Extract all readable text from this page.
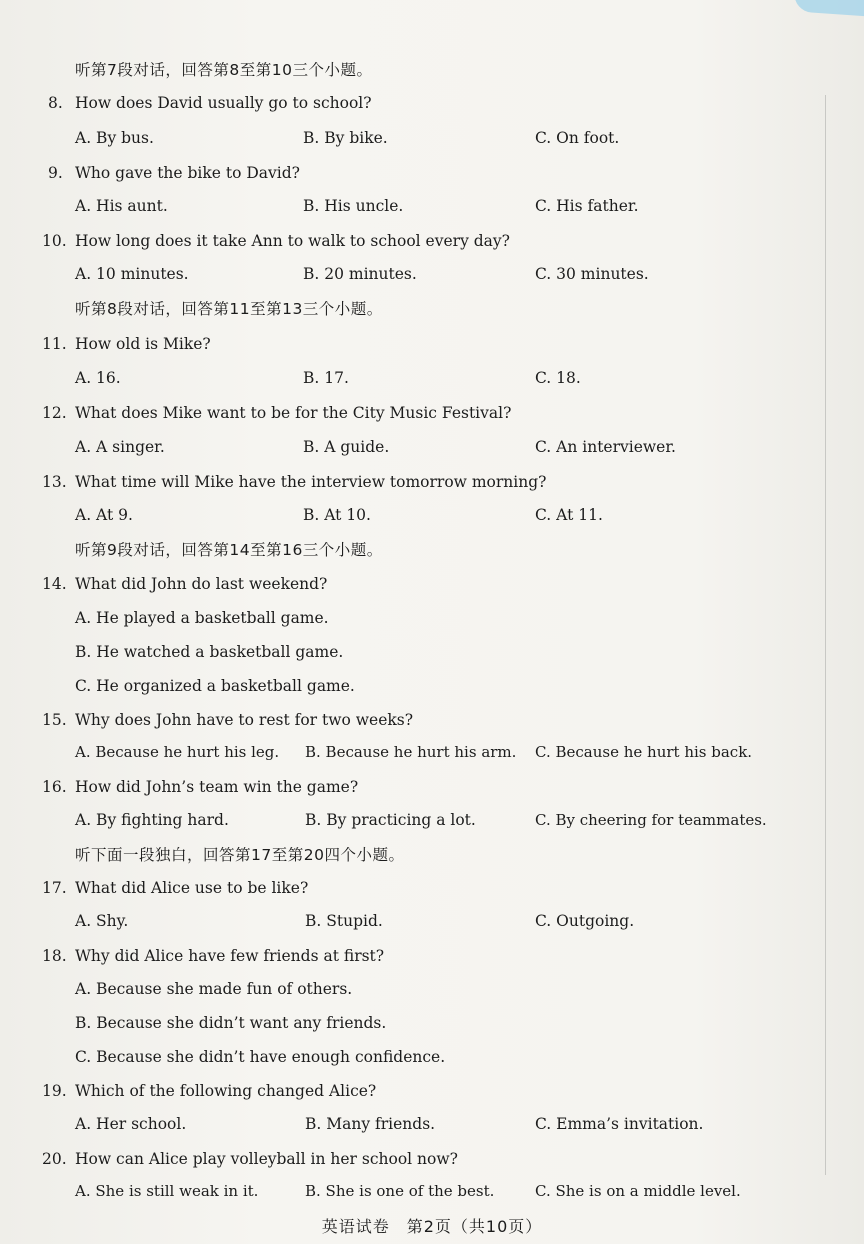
听第7段对话，回答第8至第10三个小题。
8. How does David usually go to school?
A. By bus.	B. By bike.	C. On foot.
9. Who gave the bike to David?
A. His aunt.	B. His uncle.	C. His father.
10. How long does it take Ann to walk to school every day?
A. 10 minutes.	B. 20 minutes.	C. 30 minutes.
听第8段对话，回答第11至第13三个小题。
11. How old is Mike?
A. 16.	B. 17.	C. 18.
12. What does Mike want to be for the City Music Festival?
A. A singer.	B. A guide.	C. An interviewer.
13. What time will Mike have the interview tomorrow morning?
A. At 9.	B. At 10.	C. At 11.
听第9段对话，回答第14至第16三个小题。
14. What did John do last weekend?
A. He played a basketball game.
B. He watched a basketball game.
C. He organized a basketball game.
15. Why does John have to rest for two weeks?
A. Because he hurt his leg. B. Because he hurt his arm. C. Because he hurt his back.
16. How did John’s team win the game?
A. By fighting hard.	B. By practicing a lot.	C. By cheering for teammates.
听下面一段独白，回答第17至第20四个小题。
17. What did Alice use to be like?
A. Shy.	B. Stupid.	C. Outgoing.
18. Why did Alice have few friends at first?
A. Because she made fun of others.
B. Because she didn’t want any friends.
C. Because she didn’t have enough confidence.
19. Which of the following changed Alice?
A. Her school.	B. Many friends.	C. Emma’s invitation.
20. How can Alice play volleyball in her school now?
A. She is still weak in it.	B. She is one of the best.	C. She is on a middle level.
英语试卷　第2页（共10页）
